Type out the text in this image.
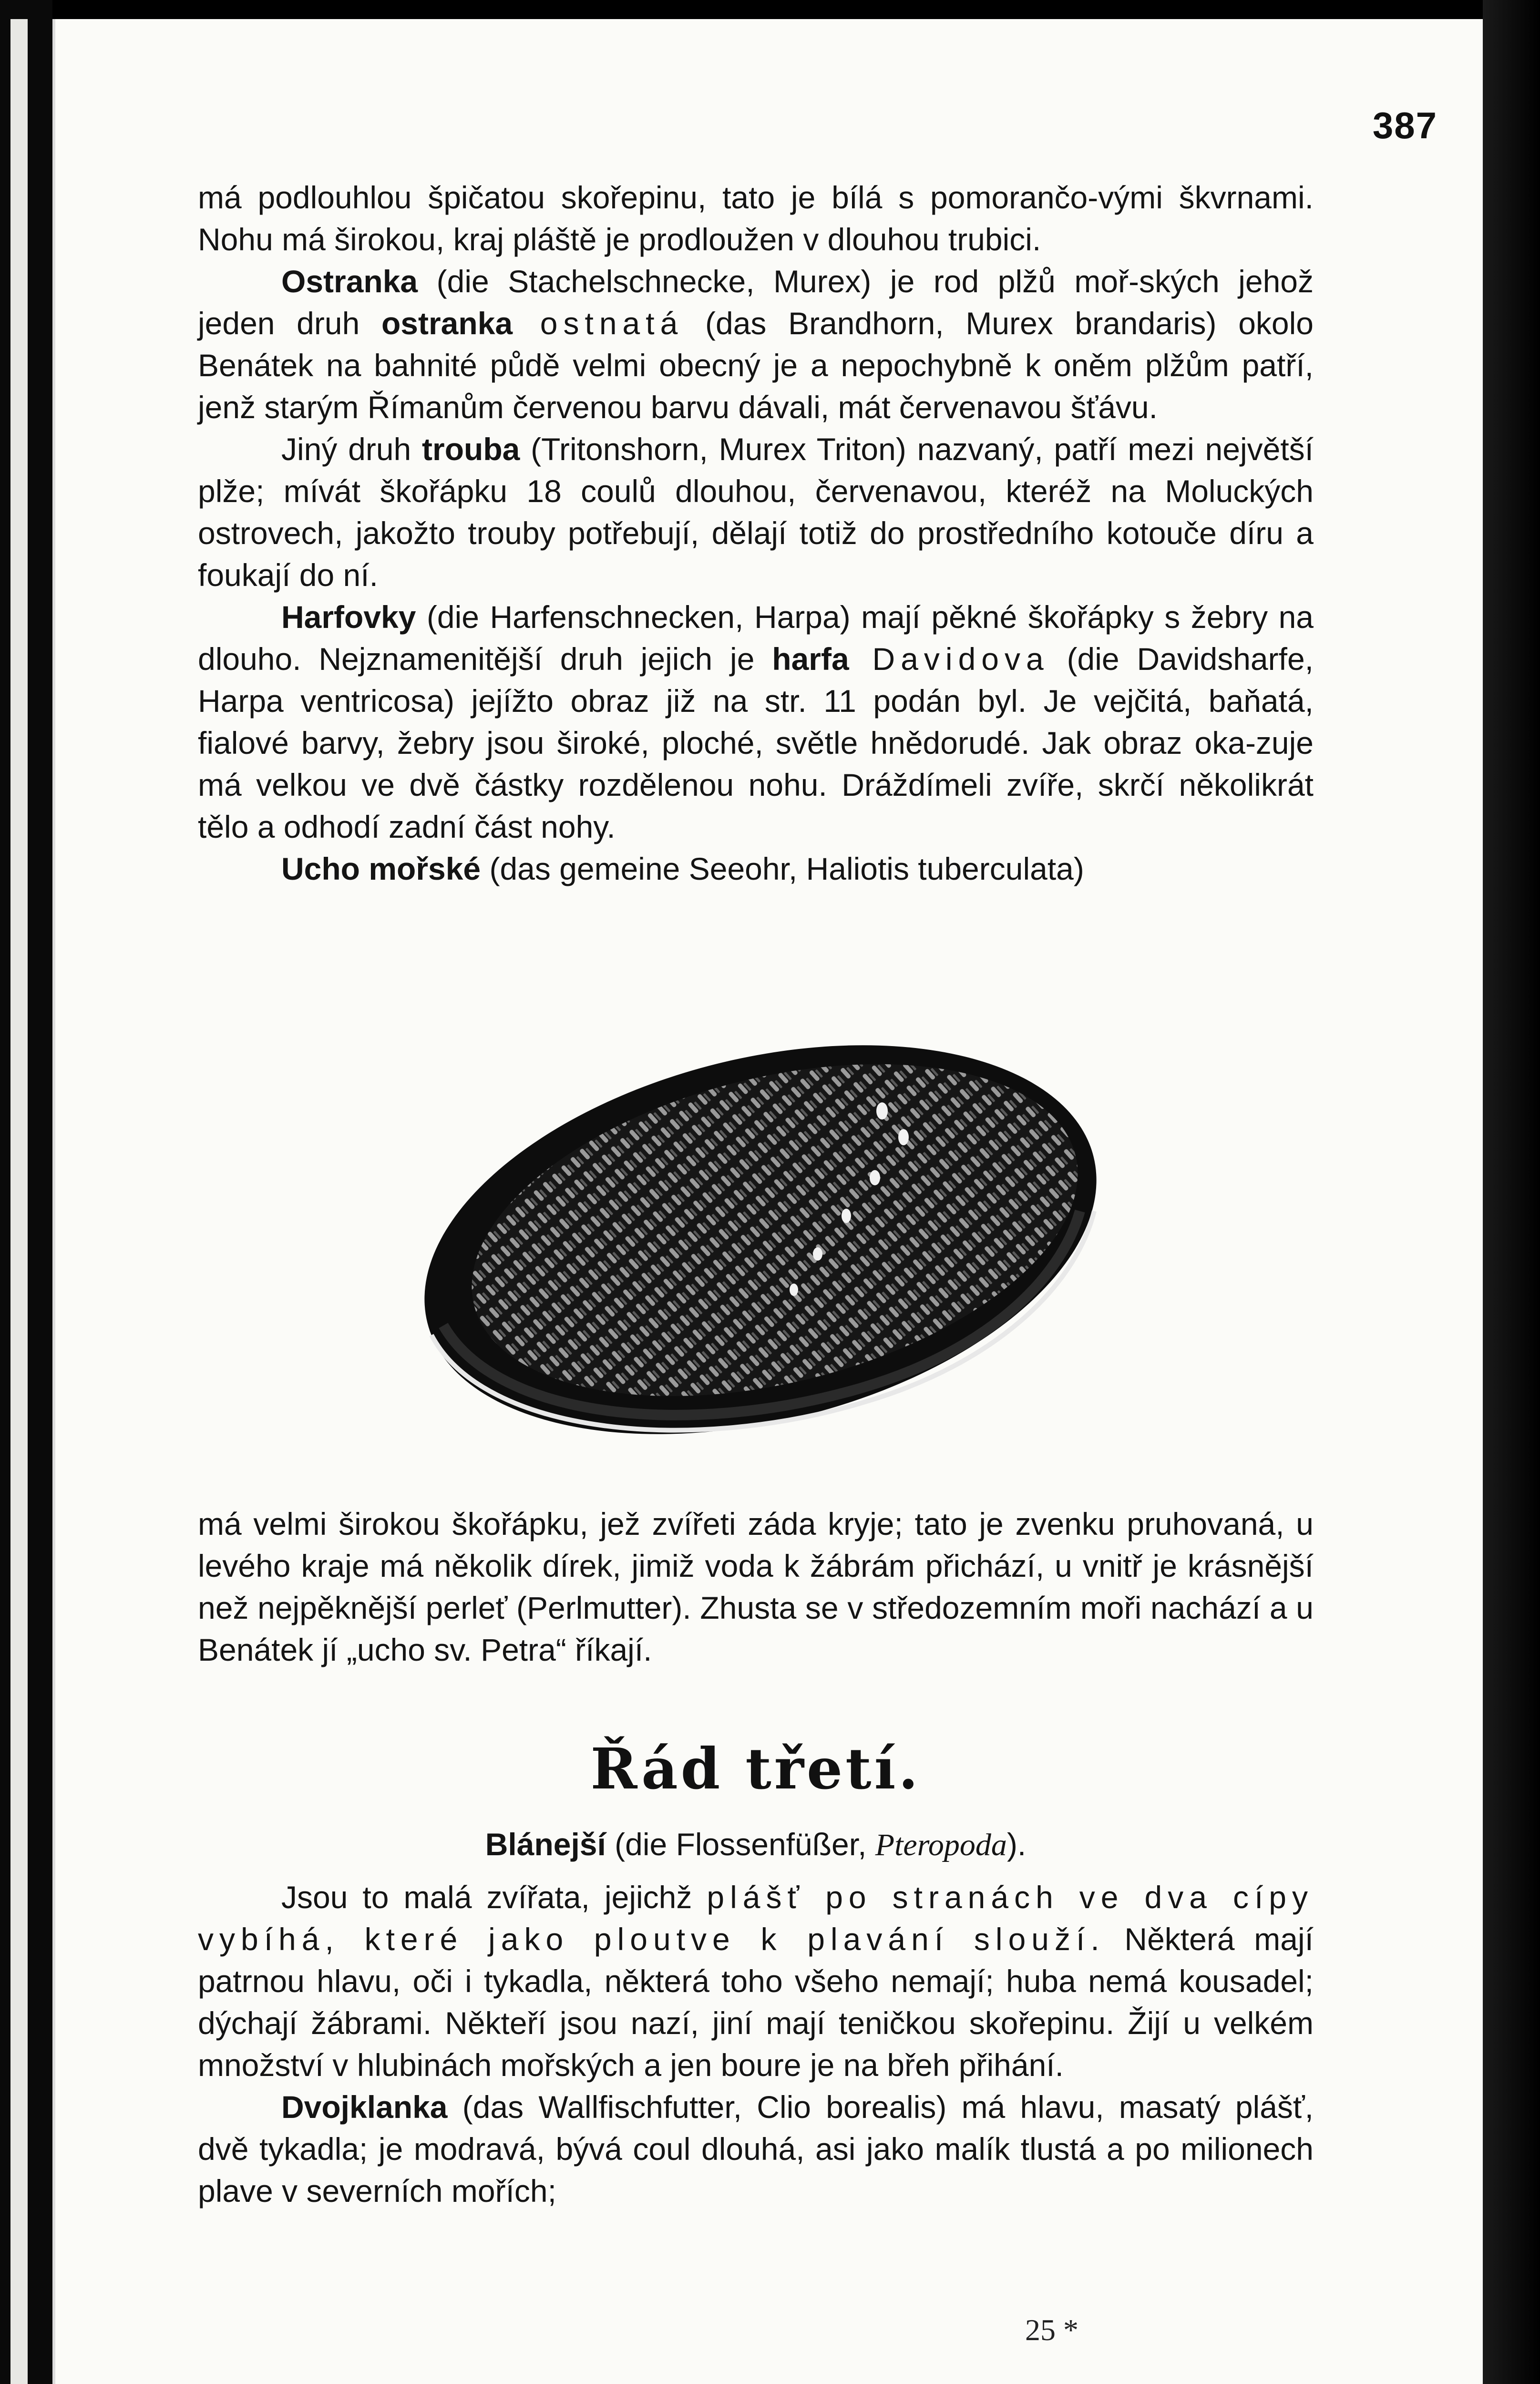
387

má podlouhlou špičatou skořepinu, tato je bílá s pomorančo-vými škvrnami. Nohu má širokou, kraj pláště je prodloužen v dlouhou trubici.

Ostranka (die Stachelschnecke, Murex) je rod plžů moř-ských jehož jeden druh ostranka ostnatá (das Brandhorn, Murex brandaris) okolo Benátek na bahnité půdě velmi obecný je a nepochybně k oněm plžům patří, jenž starým Římanům červenou barvu dávali, mát červenavou šťávu.

Jiný druh trouba (Tritonshorn, Murex Triton) nazvaný, patří mezi největší plže; mívát škořápku 18 coulů dlouhou, červenavou, kteréž na Moluckých ostrovech, jakožto trouby potřebují, dělají totiž do prostředního kotouče díru a foukají do ní.

Harfovky (die Harfenschnecken, Harpa) mají pěkné škořápky s žebry na dlouho. Nejznamenitější druh jejich je harfa Davidova (die Davidsharfe, Harpa ventricosa) jejížto obraz již na str. 11 podán byl. Je vejčitá, baňatá, fialové barvy, žebry jsou široké, ploché, světle hnědorudé. Jak obraz oka-zuje má velkou ve dvě částky rozdělenou nohu. Dráždímeli zvíře, skrčí několikrát tělo a odhodí zadní část nohy.

Ucho mořské (das gemeine Seeohr, Haliotis tuberculata)

má velmi širokou škořápku, jež zvířeti záda kryje; tato je zvenku pruhovaná, u levého kraje má několik dírek, jimiž voda k žábrám přichází, u vnitř je krásnější než nejpěknější perleť (Perlmutter). Zhusta se v středozemním moři nachází a u Benátek jí „ucho sv. Petra“ říkají.

Řád třetí.
Blánejší (die Flossenfüßer, Pteropoda).

Jsou to malá zvířata, jejichž plášť po stranách ve dva cípy vybíhá, které jako ploutve k plavání slouží. Některá mají patrnou hlavu, oči i tykadla, některá toho všeho nemají; huba nemá kousadel; dýchají žábrami. Někteří jsou nazí, jiní mají teničkou skořepinu. Žijí u velkém množství v hlubinách mořských a jen boure je na břeh přihání.

Dvojklanka (das Wallfischfutter, Clio borealis) má hlavu, masatý plášť, dvě tykadla; je modravá, bývá coul dlouhá, asi jako malík tlustá a po milionech plave v severních mořích;

25 *
